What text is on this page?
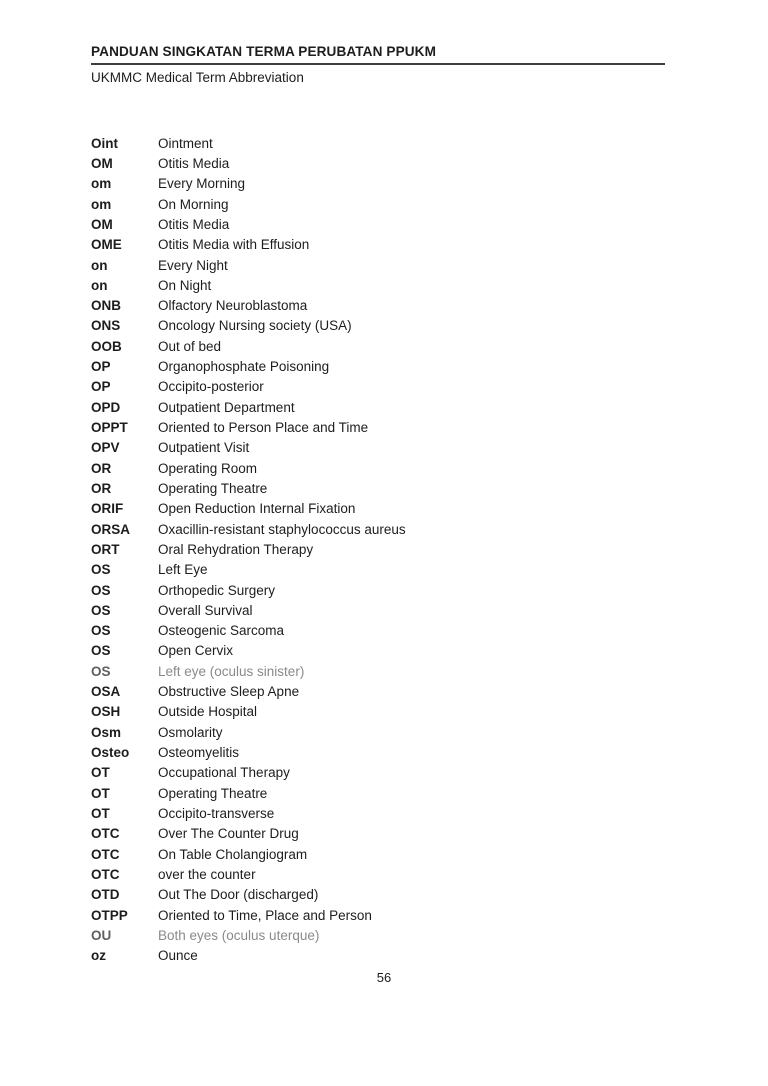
PANDUAN SINGKATAN TERMA PERUBATAN PPUKM
UKMMC Medical Term Abbreviation
Oint	Ointment
OM	Otitis Media
om	Every Morning
om	On Morning
OM	Otitis Media
OME	Otitis Media with Effusion
on	Every Night
on	On Night
ONB	Olfactory Neuroblastoma
ONS	Oncology Nursing society (USA)
OOB	Out of bed
OP	Organophosphate Poisoning
OP	Occipito-posterior
OPD	Outpatient Department
OPPT	Oriented to Person Place and Time
OPV	Outpatient Visit
OR	Operating Room
OR	Operating Theatre
ORIF	Open Reduction Internal Fixation
ORSA	Oxacillin-resistant staphylococcus aureus
ORT	Oral Rehydration Therapy
OS	Left Eye
OS	Orthopedic Surgery
OS	Overall Survival
OS	Osteogenic Sarcoma
OS	Open Cervix
OS	Left eye (oculus sinister)
OSA	Obstructive Sleep Apne
OSH	Outside Hospital
Osm	Osmolarity
Osteo	Osteomyelitis
OT	Occupational Therapy
OT	Operating Theatre
OT	Occipito-transverse
OTC	Over The Counter Drug
OTC	On Table Cholangiogram
OTC	over the counter
OTD	Out The Door (discharged)
OTPP	Oriented to Time, Place and Person
OU	Both eyes (oculus uterque)
oz	Ounce
56
